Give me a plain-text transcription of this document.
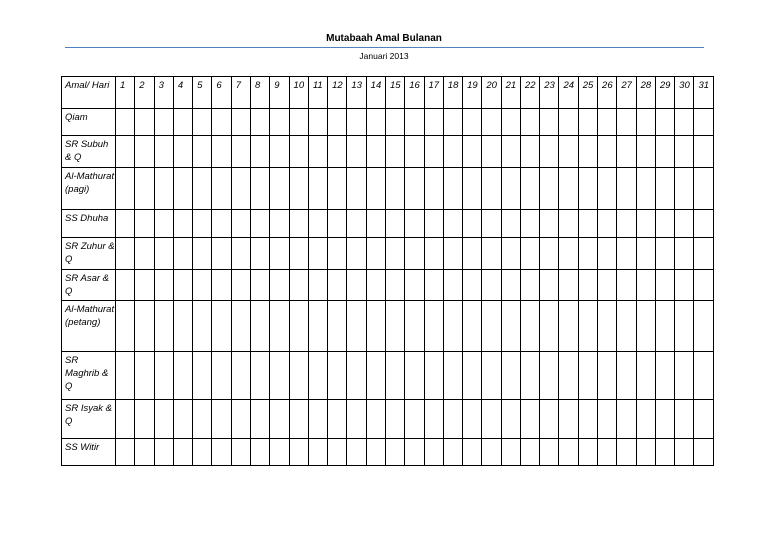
Mutabaah Amal Bulanan
Januari 2013
Amal/ Hari	1	2	3	4	5	6	7	8	9	10	11	12	13	14	15	16	17	18	19	20	21	22	23	24	25	26	27	28	29	30	31
Qiam																															
SR Subuh & Q																															
Al-Mathurat (pagi)																															
SS Dhuha																															
SR Zuhur & Q																															
SR Asar & Q																															
Al-Mathurat (petang)																															
SR Maghrib & Q																															
SR Isyak & Q																															
SS Witir																															
